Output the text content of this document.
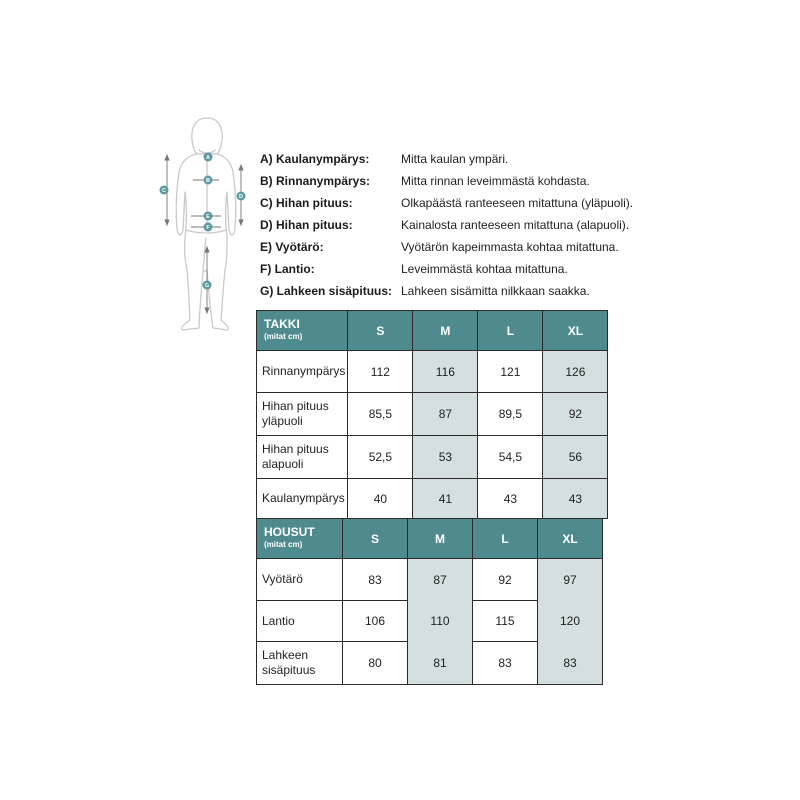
A
B
C
D
E
F
G
A) Kaulanympärys:	Mitta kaulan ympäri.
B) Rinnanympärys:	Mitta rinnan leveimmästä kohdasta.
C) Hihan pituus:	Olkapäästä ranteeseen mitattuna (yläpuoli).
D) Hihan pituus:	Kainalosta ranteeseen mitattuna (alapuoli).
E) Vyötärö:	Vyötärön kapeimmasta kohtaa mitattuna.
F) Lantio:	Leveimmästä kohtaa mitattuna.
G) Lahkeen sisäpituus: Lahkeen sisämitta nilkkaan saakka.
TAKKI
(mitat cm)	S	M	L	XL
Rinnanympärys	112	116	121	126
Hihan pituus yläpuoli	85,5	87	89,5	92
Hihan pituus alapuoli	52,5	53	54,5	56
Kaulanympärys	40	41	43	43
HOUSUT
(mitat cm)	S	M	L	XL
Vyötärö	83	87	92	97
Lantio	106	110	115	120
Lahkeen sisäpituus	80	81	83	83
